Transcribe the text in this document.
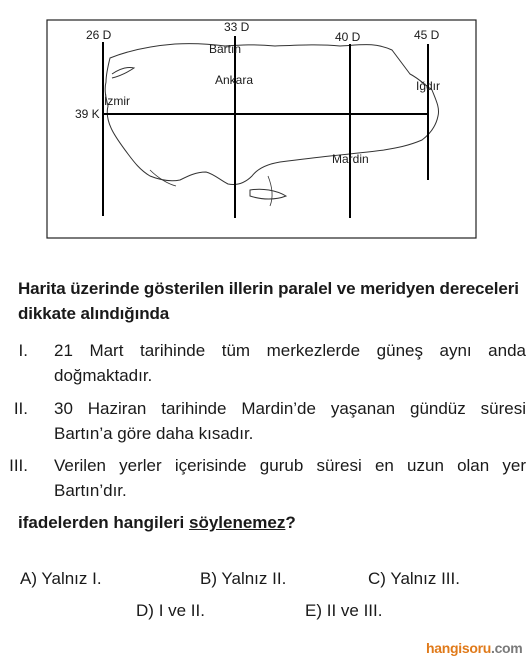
26 D
33 D
40 D	45 D
39 K
Bartın
Ankara
İzmir
Iğdır
Mardin
Harita üzerinde gösterilen illerin paralel ve meridyen dereceleri dikkate alındığında
I.	21 Mart tarihinde tüm merkezlerde güneş aynı anda doğmaktadır.
II.	30 Haziran tarihinde Mardin’de yaşanan gündüz süresi Bartın’a göre daha kısadır.
III.	Verilen yerler içerisinde gurub süresi en uzun olan yer Bartın’dır.
ifadelerden hangileri söylenemez?
A) Yalnız I.	B) Yalnız II.	C) Yalnız III.
D) I ve II.	E) II ve III.
hangisoru.com
